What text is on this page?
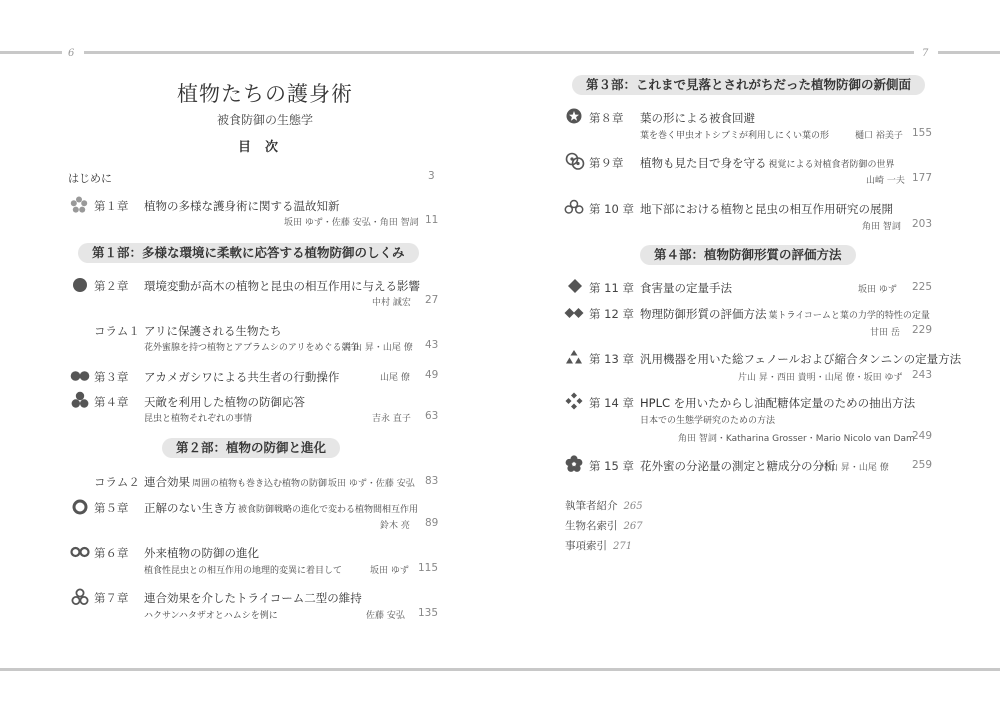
6	7
植物たちの護身術
被食防御の生態学
目次
はじめに	3
第１章 植物の多様な護身術に関する温故知新
坂田 ゆず・佐藤 安弘・角田 智詞 11
第１部：多様な環境に柔軟に応答する植物防御のしくみ
第２章 環境変動が高木の植物と昆虫の相互作用に与える影響
中村 誠宏 27
コラム１ アリに保護される生物たち
花外蜜腺を持つ植物とアブラムシのアリをめぐる競争
片山 昇・山尾 僚 43
第３章 アカメガシワによる共生者の行動操作	山尾 僚 49
第４章 天敵を利用した植物の防御応答
昆虫と植物それぞれの事情	吉永 直子 63
第２部：植物の防御と進化
コラム２ 連合効果 周囲の植物も巻き込む植物の防御 坂田 ゆず・佐藤 安弘 83
第５章 正解のない生き方 被食防御戦略の進化で変わる植物間相互作用
鈴木 亮 89
第６章 外来植物の防御の進化
植食性昆虫との相互作用の地理的変異に着目して	坂田 ゆず 115
第７章 連合効果を介したトライコーム二型の維持
ハクサンハタザオとハムシを例に	佐藤 安弘 135
第３部：これまで見落とされがちだった植物防御の新側面
第８章 葉の形による被食回避
葉を巻く甲虫オトシブミが利用しにくい葉の形	樋口 裕美子 155
第９章 植物も見た目で身を守る 視覚による対植食者防御の世界
山崎 一夫 177
第 10 章 地下部における植物と昆虫の相互作用研究の展開
角田 智詞 203
第４部：植物防御形質の評価方法
第 11 章 食害量の定量手法	坂田 ゆず 225
第 12 章 物理防御形質の評価方法 葉トライコームと葉の力学的特性の定量
甘田 岳 229
第 13 章 汎用機器を用いた総フェノールおよび縮合タンニンの定量方法
片山 昇・西田 貴明・山尾 僚・坂田 ゆず 243
第 14 章 HPLC を用いたからし油配糖体定量のための抽出方法
日本での生態学研究のための方法
角田 智詞・Katharina Grosser・Mario Nicolo van Dam
249
第 15 章 花外蜜の分泌量の測定と糖成分の分析
片山 昇・山尾 僚 259
執筆者紹介 265
生物名索引 267
事項索引 271
